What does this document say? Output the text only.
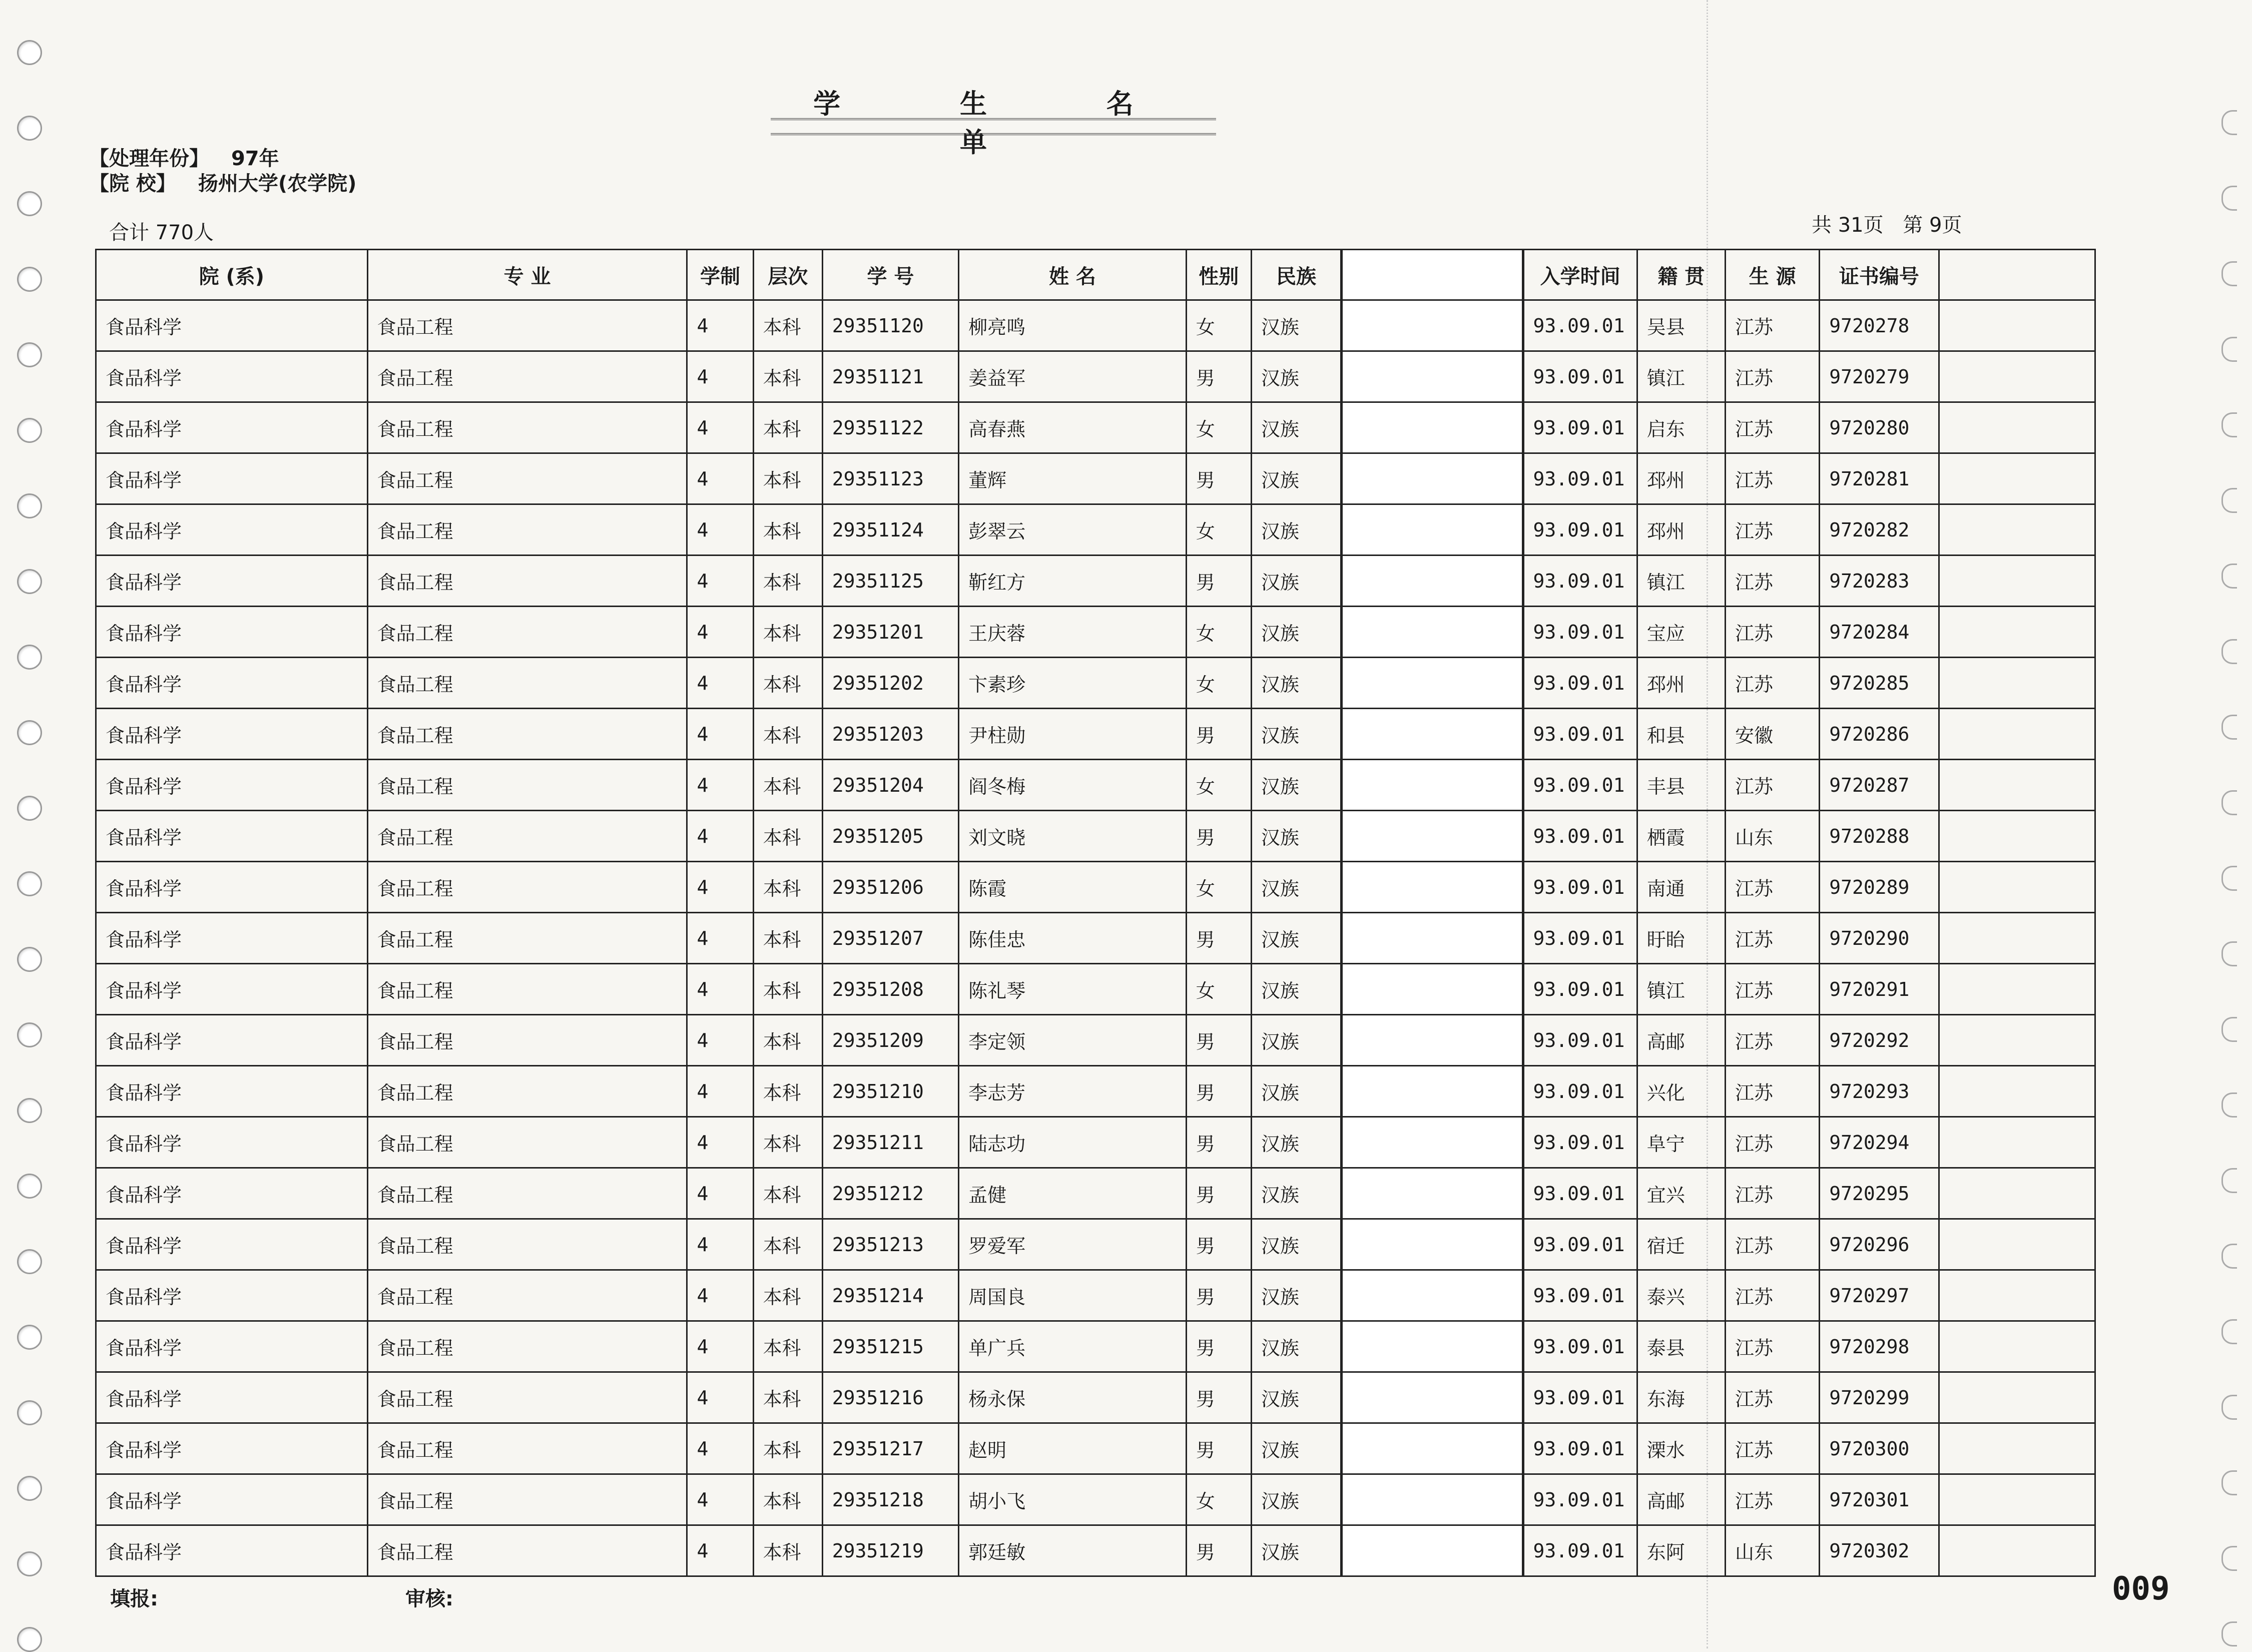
学 生 名 单
【处理年份】 97年
【院 校】 扬州大学(农学院)
合计 770人	共 31页 第 9页
院 (系)	专 业	学制	层次	学 号	姓 名	性别	民族		入学时间	籍 贯	生 源	证书编号	
食品科学	食品工程	4	本科	29351120	柳亮鸣	女	汉族		93.09.01	吴县	江苏	9720278	
食品科学	食品工程	4	本科	29351121	姜益军	男	汉族		93.09.01	镇江	江苏	9720279	
食品科学	食品工程	4	本科	29351122	高春燕	女	汉族		93.09.01	启东	江苏	9720280	
食品科学	食品工程	4	本科	29351123	董辉	男	汉族		93.09.01	邳州	江苏	9720281	
食品科学	食品工程	4	本科	29351124	彭翠云	女	汉族		93.09.01	邳州	江苏	9720282	
食品科学	食品工程	4	本科	29351125	靳红方	男	汉族		93.09.01	镇江	江苏	9720283	
食品科学	食品工程	4	本科	29351201	王庆蓉	女	汉族		93.09.01	宝应	江苏	9720284	
食品科学	食品工程	4	本科	29351202	卞素珍	女	汉族		93.09.01	邳州	江苏	9720285	
食品科学	食品工程	4	本科	29351203	尹柱勋	男	汉族		93.09.01	和县	安徽	9720286	
食品科学	食品工程	4	本科	29351204	阎冬梅	女	汉族		93.09.01	丰县	江苏	9720287	
食品科学	食品工程	4	本科	29351205	刘文晓	男	汉族		93.09.01	栖霞	山东	9720288	
食品科学	食品工程	4	本科	29351206	陈霞	女	汉族		93.09.01	南通	江苏	9720289	
食品科学	食品工程	4	本科	29351207	陈佳忠	男	汉族		93.09.01	盱眙	江苏	9720290	
食品科学	食品工程	4	本科	29351208	陈礼琴	女	汉族		93.09.01	镇江	江苏	9720291	
食品科学	食品工程	4	本科	29351209	李定领	男	汉族		93.09.01	高邮	江苏	9720292	
食品科学	食品工程	4	本科	29351210	李志芳	男	汉族		93.09.01	兴化	江苏	9720293	
食品科学	食品工程	4	本科	29351211	陆志功	男	汉族		93.09.01	阜宁	江苏	9720294	
食品科学	食品工程	4	本科	29351212	孟健	男	汉族		93.09.01	宜兴	江苏	9720295	
食品科学	食品工程	4	本科	29351213	罗爱军	男	汉族		93.09.01	宿迁	江苏	9720296	
食品科学	食品工程	4	本科	29351214	周国良	男	汉族		93.09.01	泰兴	江苏	9720297	
食品科学	食品工程	4	本科	29351215	单广兵	男	汉族		93.09.01	泰县	江苏	9720298	
食品科学	食品工程	4	本科	29351216	杨永保	男	汉族		93.09.01	东海	江苏	9720299	
食品科学	食品工程	4	本科	29351217	赵明	男	汉族		93.09.01	溧水	江苏	9720300	
食品科学	食品工程	4	本科	29351218	胡小飞	女	汉族		93.09.01	高邮	江苏	9720301	
食品科学	食品工程	4	本科	29351219	郭廷敏	男	汉族		93.09.01	东阿	山东	9720302	
填报:	审核:	009
